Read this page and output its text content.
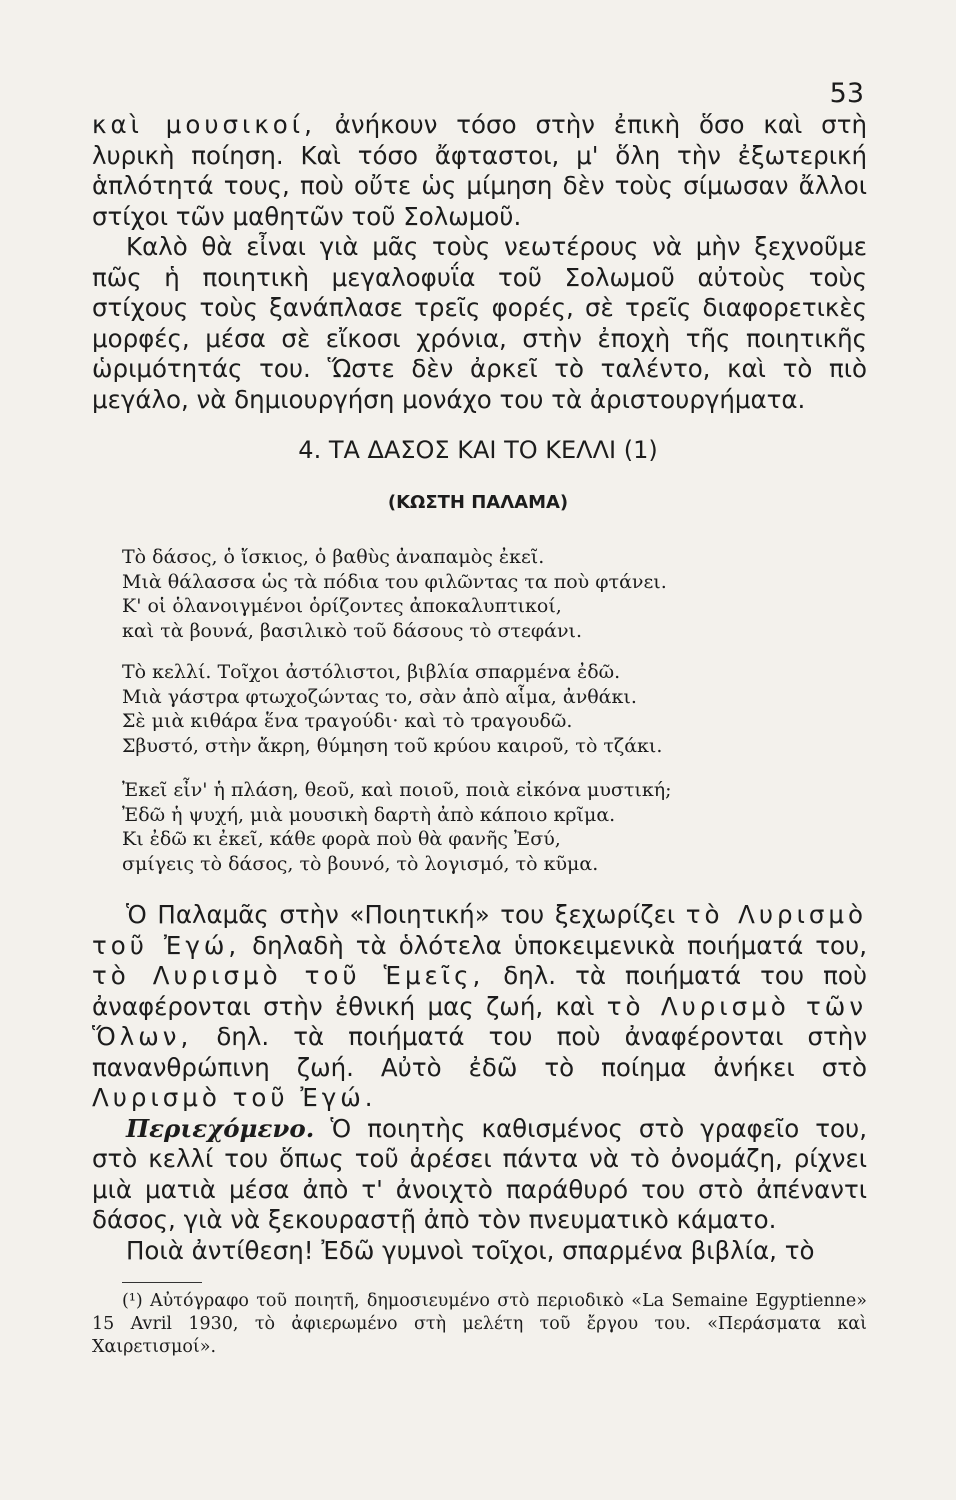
53

καὶ μουσικοί, ἀνήκουν τόσο στὴν ἐπικὴ ὅσο καὶ στὴ λυρικὴ ποίηση. Καὶ τόσο ἄφταστοι, μ' ὅλη τὴν ἐξωτερική ἁπλότητά τους, ποὺ οὔτε ὡς μίμηση δὲν τοὺς σίμωσαν ἄλλοι στίχοι τῶν μαθητῶν τοῦ Σολωμοῦ.

Καλὸ θὰ εἶναι γιὰ μᾶς τοὺς νεωτέρους νὰ μὴν ξεχνοῦμε πῶς ἡ ποιητικὴ μεγαλοφυΐα τοῦ Σολωμοῦ αὐτοὺς τοὺς στίχους τοὺς ξανάπλασε τρεῖς φορές, σὲ τρεῖς διαφορετικὲς μορφές, μέσα σὲ εἴκοσι χρόνια, στὴν ἐποχὴ τῆς ποιητικῆς ὡριμότητάς του. Ὥστε δὲν ἀρκεῖ τὸ ταλέντο, καὶ τὸ πιὸ μεγάλο, νὰ δημιουργήση μονάχο του τὰ ἀριστουργήματα.

4. ΤΑ ΔΑΣΟΣ ΚΑΙ ΤΟ ΚΕΛΛΙ (1)
(ΚΩΣΤΗ ΠΑΛΑΜΑ)
Τὸ δάσος, ὁ ἴσκιος, ὁ βαθὺς ἀναπαμὸς ἐκεῖ.
Μιὰ θάλασσα ὡς τὰ πόδια του φιλῶντας τα ποὺ φτάνει.
Κ' οἱ ὁλανοιγμένοι ὁρίζοντες ἀποκαλυπτικοί,
καὶ τὰ βουνά, βασιλικὸ τοῦ δάσους τὸ στεφάνι.
Τὸ κελλί. Τοῖχοι ἀστόλιστοι, βιβλία σπαρμένα ἐδῶ.
Μιὰ γάστρα φτωχοζώντας το, σὰν ἀπὸ αἷμα, ἀνθάκι.
Σὲ μιὰ κιθάρα ἕνα τραγούδι· καὶ τὸ τραγουδῶ.
Σβυστό, στὴν ἄκρη, θύμηση τοῦ κρύου καιροῦ, τὸ τζάκι.
Ἐκεῖ εἶν' ἡ πλάση, θεοῦ, καὶ ποιοῦ, ποιὰ εἰκόνα μυστική;
Ἐδῶ ἡ ψυχή, μιὰ μουσικὴ δαρτὴ ἀπὸ κάποιο κρῖμα.
Κι ἐδῶ κι ἐκεῖ, κάθε φορὰ ποὺ θὰ φανῆς Ἐσύ,
σμίγεις τὸ δάσος, τὸ βουνό, τὸ λογισμό, τὸ κῦμα.

Ὁ Παλαμᾶς στὴν «Ποιητική» του ξεχωρίζει τὸ Λυρισμὸ τοῦ Ἐγώ, δηλαδὴ τὰ ὁλότελα ὑποκειμενικὰ ποιήματά του, τὸ Λυρισμὸ τοῦ Ἑμεῖς, δηλ. τὰ ποιήματά του ποὺ ἀναφέρονται στὴν ἐθνική μας ζωή, καὶ τὸ Λυρισμὸ τῶν Ὅλων, δηλ. τὰ ποιήματά του ποὺ ἀναφέρονται στὴν πανανθρώπινη ζωή. Αὐτὸ ἐδῶ τὸ ποίημα ἀνήκει στὸ Λυρισμὸ τοῦ Ἐγώ.

Περιεχόμενο. Ὁ ποιητὴς καθισμένος στὸ γραφεῖο του, στὸ κελλί του ὅπως τοῦ ἀρέσει πάντα νὰ τὸ ὀνομάζη, ρίχνει μιὰ ματιὰ μέσα ἀπὸ τ' ἀνοιχτὸ παράθυρό του στὸ ἀπέναντι δάσος, γιὰ νὰ ξεκουραστῇ ἀπὸ τὸν πνευματικὸ κάματο.

Ποιὰ ἀντίθεση! Ἐδῶ γυμνοὶ τοῖχοι, σπαρμένα βιβλία, τὸ

(¹) Αὐτόγραφο τοῦ ποιητῆ, δημοσιευμένο στὸ περιοδικὸ «La Semaine Egyptienne» 15 Avril 1930, τὸ ἀφιερωμένο στὴ μελέτη τοῦ ἔργου του. «Περάσματα καὶ Χαιρετισμοί».
